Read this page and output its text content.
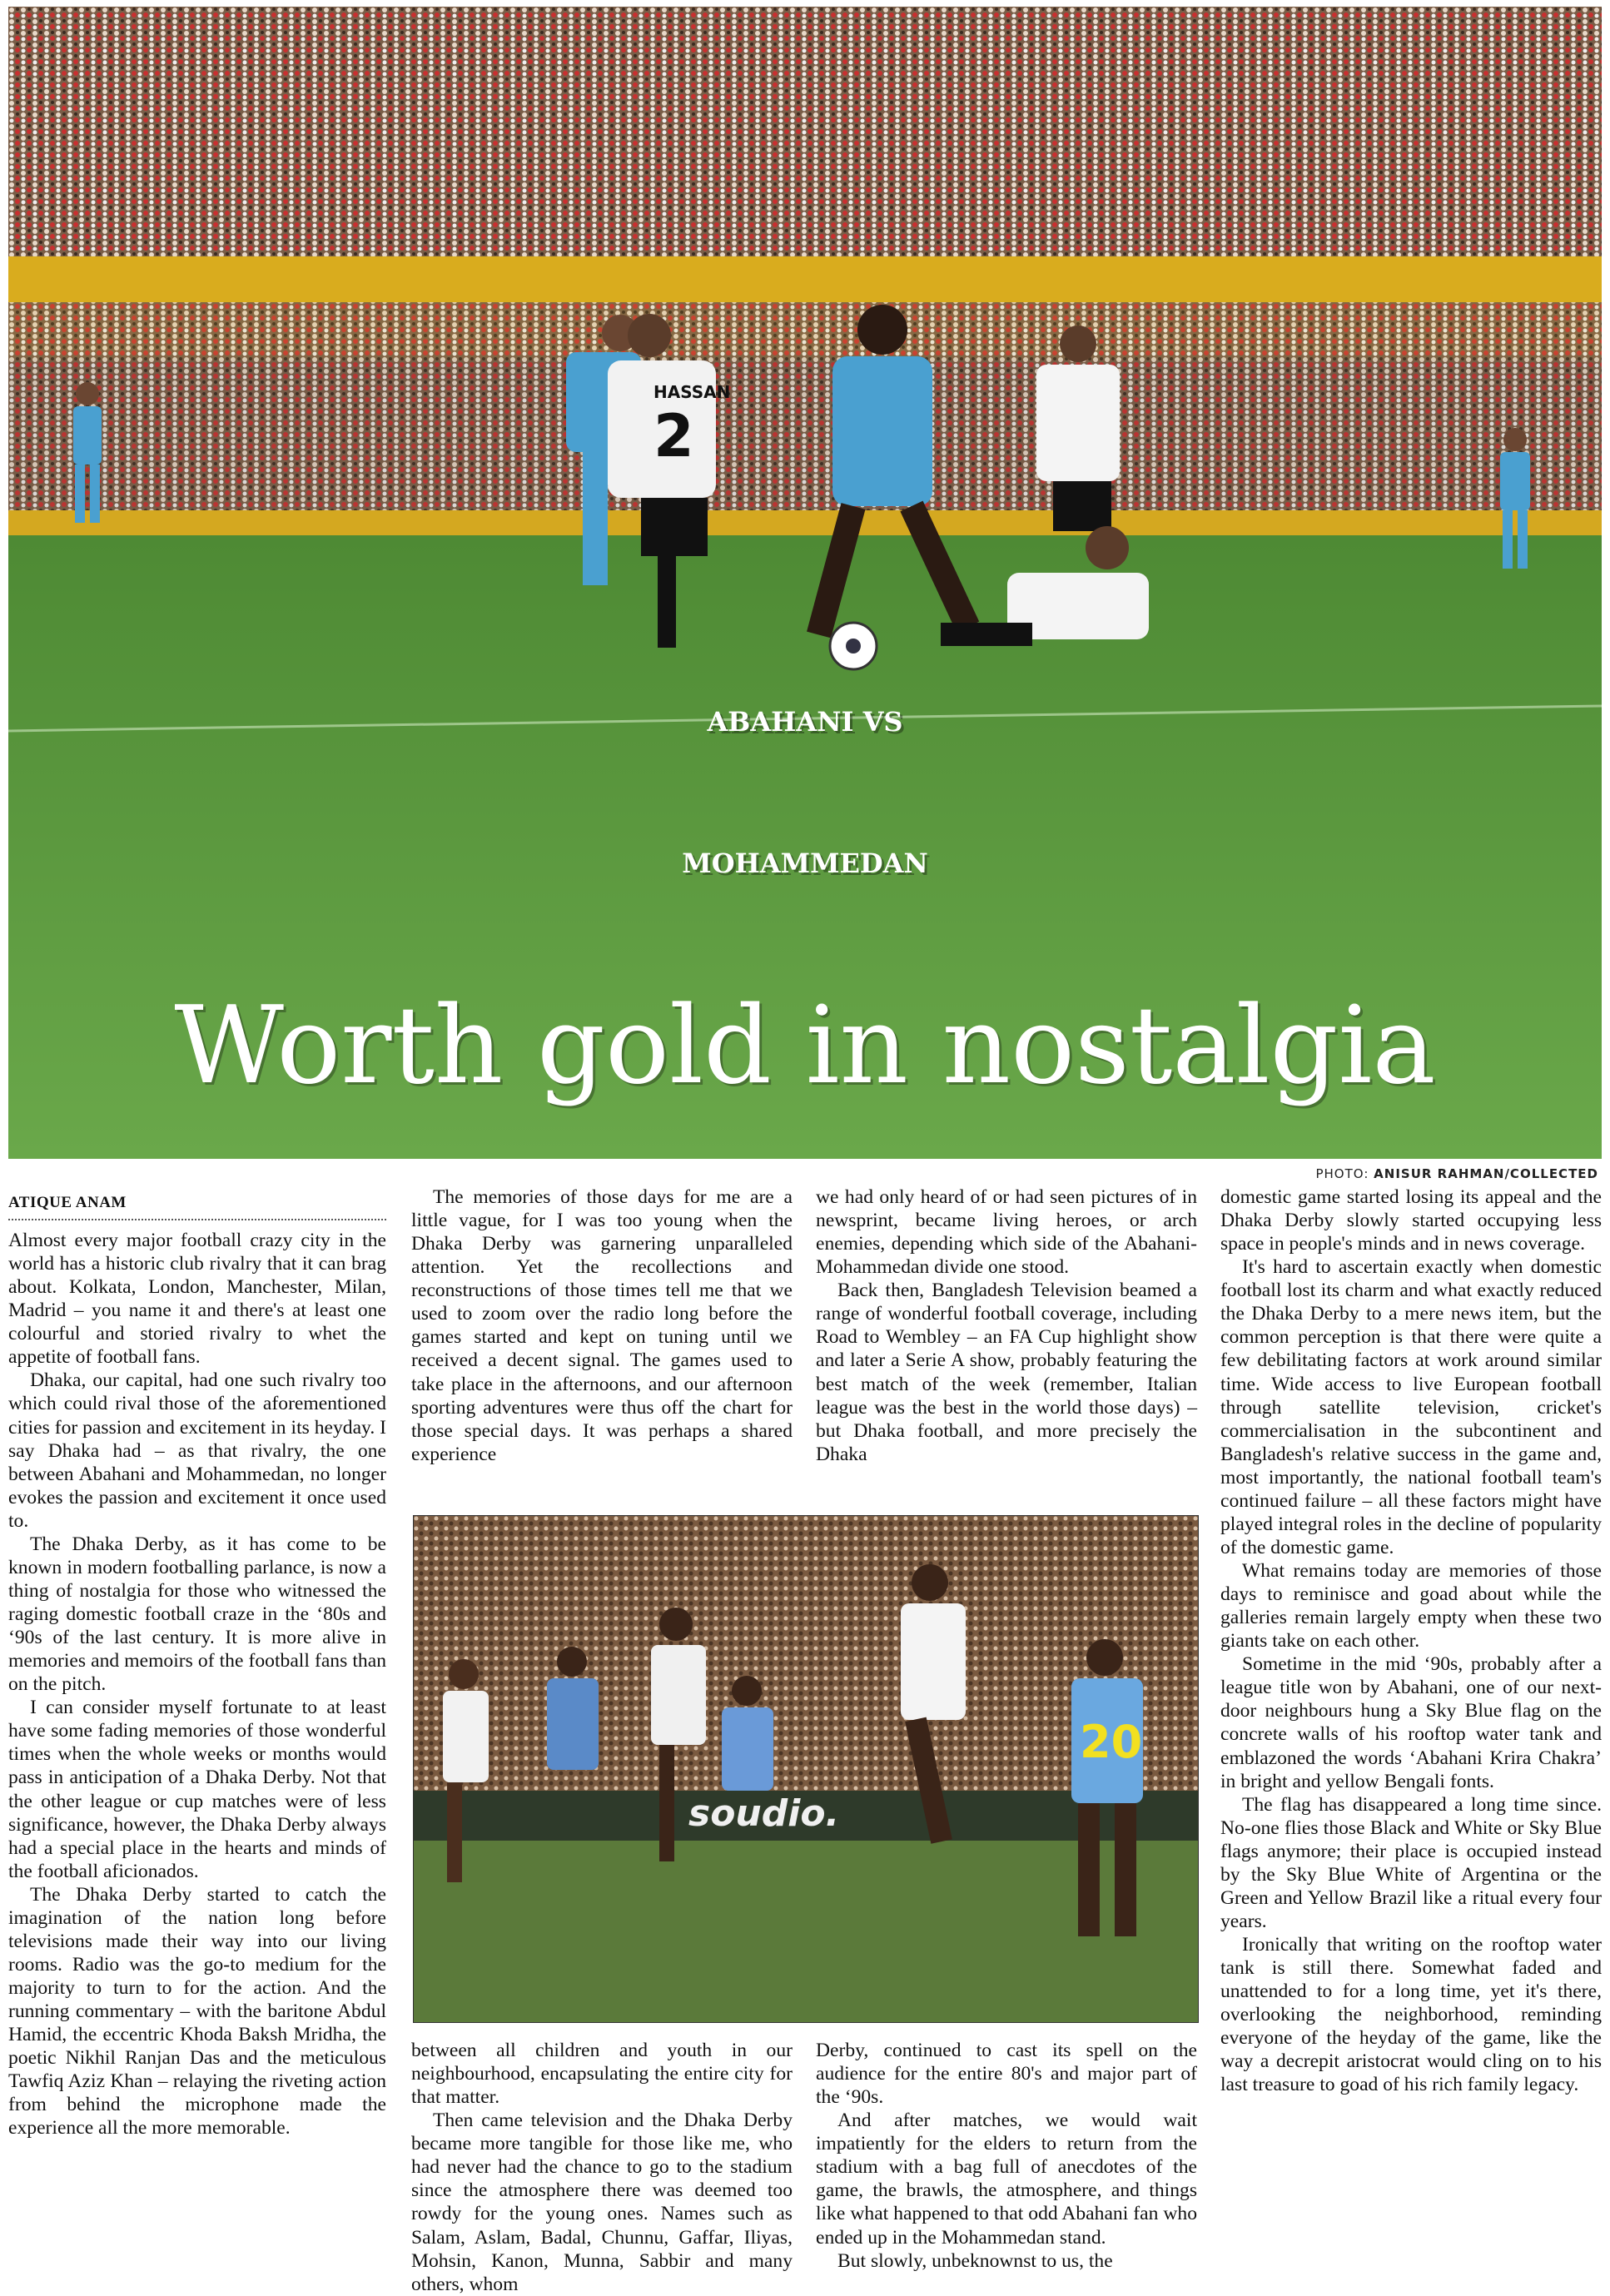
HASSAN
2
ABAHANI VS
MOHAMMEDAN
Worth gold in nostalgia
PHOTO: ANISUR RAHMAN/COLLECTED
ATIQUE ANAM

Almost every major football crazy city in the world has a historic club rivalry that it can brag about. Kolkata, London, Manchester, Milan, Madrid – you name it and there's at least one colourful and storied rivalry to whet the appetite of football fans.

Dhaka, our capital, had one such rivalry too which could rival those of the aforementioned cities for passion and excitement in its heyday. I say Dhaka had – as that rivalry, the one between Abahani and Mohammedan, no longer evokes the passion and excitement it once used to.

The Dhaka Derby, as it has come to be known in modern footballing parlance, is now a thing of nostalgia for those who witnessed the raging domestic football craze in the ‘80s and ‘90s of the last century. It is more alive in memories and memoirs of the football fans than on the pitch.

I can consider myself fortunate to at least have some fading memories of those wonderful times when the whole weeks or months would pass in anticipation of a Dhaka Derby. Not that the other league or cup matches were of less significance, however, the Dhaka Derby always had a special place in the hearts and minds of the football aficionados.

The Dhaka Derby started to catch the imagination of the nation long before televisions made their way into our living rooms. Radio was the go-to medium for the majority to turn to for the action. And the running commentary – with the baritone Abdul Hamid, the eccentric Khoda Baksh Mridha, the poetic Nikhil Ranjan Das and the meticulous Tawfiq Aziz Khan – relaying the riveting action from behind the microphone made the experience all the more memorable.

The memories of those days for me are a little vague, for I was too young when the Dhaka Derby was garnering unparalleled attention. Yet the recollections and reconstructions of those times tell me that we used to zoom over the radio long before the games started and kept on tuning until we received a decent signal. The games used to take place in the afternoons, and our afternoon sporting adventures were thus off the chart for those special days. It was perhaps a shared experience

we had only heard of or had seen pictures of in newsprint, became living heroes, or arch enemies, depending which side of the Abahani-Mohammedan divide one stood.

Back then, Bangladesh Television beamed a range of wonderful football coverage, including Road to Wembley – an FA Cup highlight show and later a Serie A show, probably featuring the best match of the week (remember, Italian league was the best in the world those days) – but Dhaka football, and more precisely the Dhaka

soudio.
20

between all children and youth in our neighbourhood, encapsulating the entire city for that matter.

Then came television and the Dhaka Derby became more tangible for those like me, who had never had the chance to go to the stadium since the atmosphere there was deemed too rowdy for the young ones. Names such as Salam, Aslam, Badal, Chunnu, Gaffar, Iliyas, Mohsin, Kanon, Munna, Sabbir and many others, whom

Derby, continued to cast its spell on the audience for the entire 80's and major part of the ‘90s.

And after matches, we would wait impatiently for the elders to return from the stadium with a bag full of anecdotes of the game, the brawls, the atmosphere, and things like what happened to that odd Abahani fan who ended up in the Mohammedan stand.

But slowly, unbeknownst to us, the

domestic game started losing its appeal and the Dhaka Derby slowly started occupying less space in people's minds and in news coverage.

It's hard to ascertain exactly when domestic football lost its charm and what exactly reduced the Dhaka Derby to a mere news item, but the common perception is that there were quite a few debilitating factors at work around similar time. Wide access to live European football through satellite television, cricket's commercialisation in the subcontinent and Bangladesh's relative success in the game and, most importantly, the national football team's continued failure – all these factors might have played integral roles in the decline of popularity of the domestic game.

What remains today are memories of those days to reminisce and goad about while the galleries remain largely empty when these two giants take on each other.

Sometime in the mid ‘90s, probably after a league title won by Abahani, one of our next-door neighbours hung a Sky Blue flag on the concrete walls of his rooftop water tank and emblazoned the words ‘Abahani Krira Chakra’ in bright and yellow Bengali fonts.

The flag has disappeared a long time since. No-one flies those Black and White or Sky Blue flags anymore; their place is occupied instead by the Sky Blue White of Argentina or the Green and Yellow Brazil like a ritual every four years.

Ironically that writing on the rooftop water tank is still there. Somewhat faded and unattended to for a long time, yet it's there, overlooking the neighborhood, reminding everyone of the heyday of the game, like the way a decrepit aristocrat would cling on to his last treasure to goad of his rich family legacy.
